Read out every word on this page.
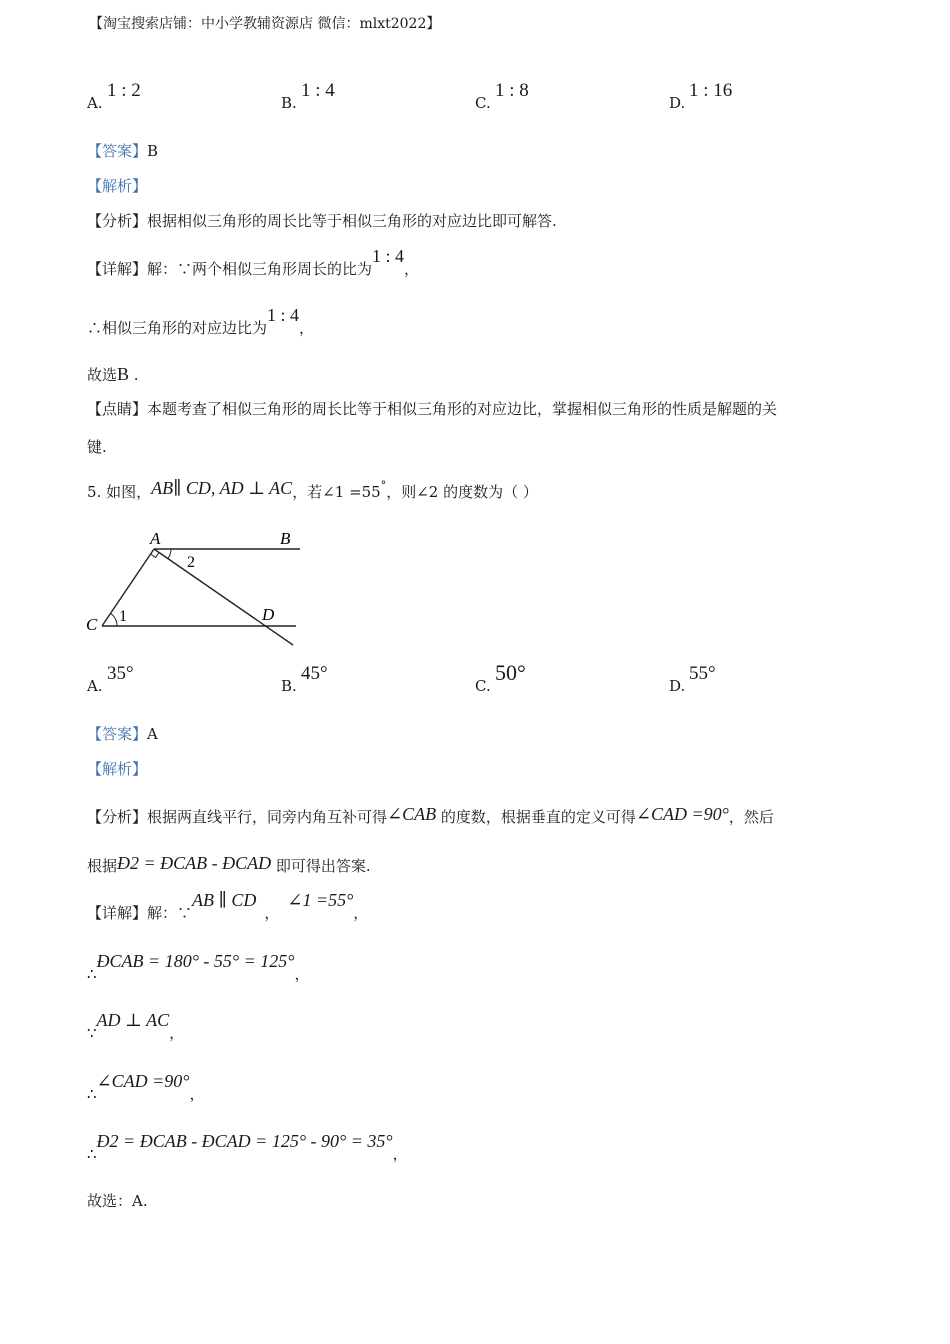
【淘宝搜索店铺：中小学教辅资源店 微信：mlxt2022】
A.
1 : 2
B.
1 : 4
C.
1 : 8
D.
1 : 16
【答案】B
【解析】
【分析】根据相似三角形的周长比等于相似三角形的对应边比即可解答.
【详解】解：∵两个相似三角形周长的比为1 : 4，
∴相似三角形的对应边比为1 : 4，
故选B .
【点睛】本题考查了相似三角形的周长比等于相似三角形的对应边比，掌握相似三角形的性质是解题的关
键.
5. 如图，AB∥ CD, AD ⊥ AC，若∠1 =55°，则∠2 的度数为（ ）
A	B
C
D
1
2
A.
35°
B.
45°
C.
50°
D.
55°
【答案】A
【解析】
【分析】根据两直线平行，同旁内角互补可得∠CAB 的度数，根据垂直的定义可得∠CAD =90°，然后
根据Ð2 = ÐCAB - ÐCAD 即可得出答案.
【详解】解：∵AB ∥ CD，∠1 =55°，
∴ÐCAB = 180° - 55° = 125°，
∵AD ⊥ AC，
∴∠CAD =90°，
∴Ð2 = ÐCAB - ÐCAD = 125° - 90° = 35°，
故选：A.
